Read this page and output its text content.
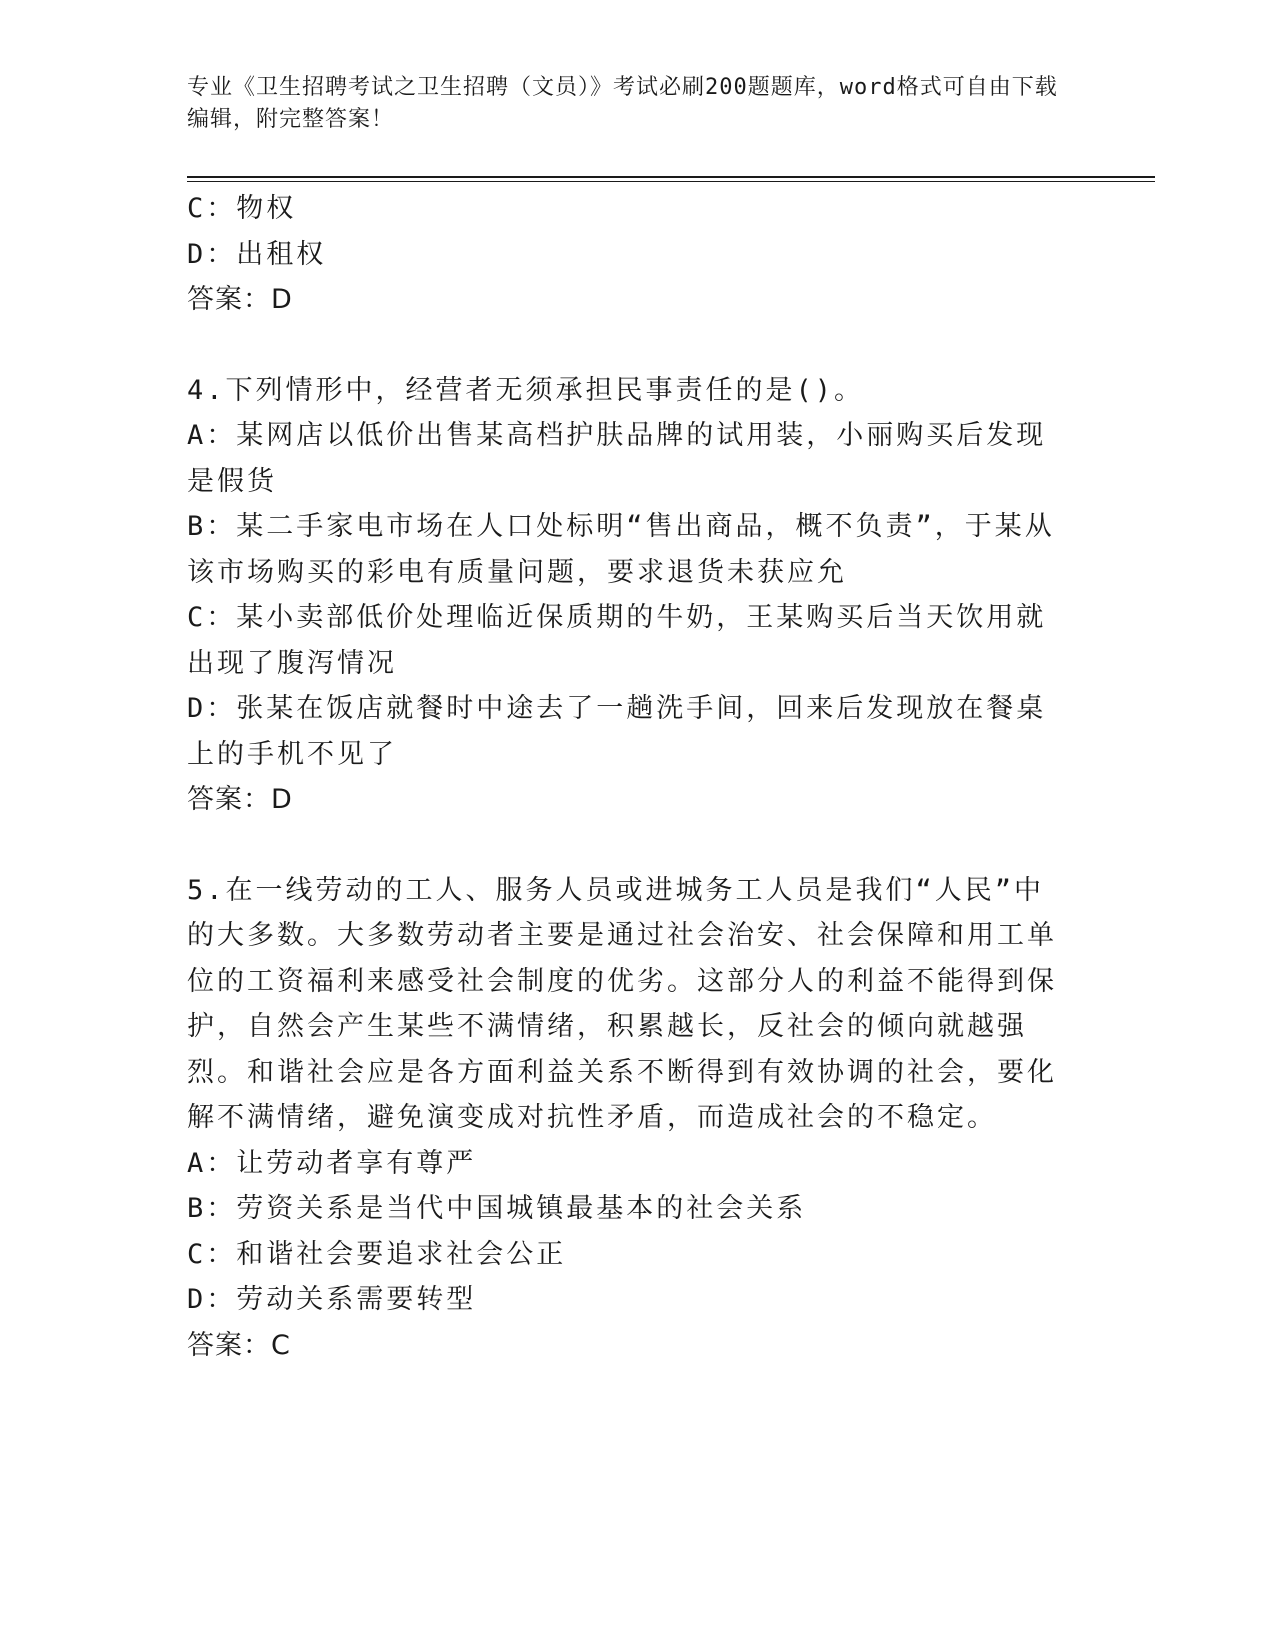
专业《卫生招聘考试之卫生招聘（文员）》考试必刷200题题库，word格式可自由下载编辑，附完整答案！
C：物权
D：出租权
答案：D
4.下列情形中，经营者无须承担民事责任的是()。
A：某网店以低价出售某高档护肤品牌的试用装，小丽购买后发现是假货
B：某二手家电市场在人口处标明“售出商品，概不负责”，于某从该市场购买的彩电有质量问题，要求退货未获应允
C：某小卖部低价处理临近保质期的牛奶，王某购买后当天饮用就出现了腹泻情况
D：张某在饭店就餐时中途去了一趟洗手间，回来后发现放在餐桌上的手机不见了
答案：D
5.在一线劳动的工人、服务人员或进城务工人员是我们“人民”中的大多数。大多数劳动者主要是通过社会治安、社会保障和用工单位的工资福利来感受社会制度的优劣。这部分人的利益不能得到保护，自然会产生某些不满情绪，积累越长，反社会的倾向就越强烈。和谐社会应是各方面利益关系不断得到有效协调的社会，要化解不满情绪，避免演变成对抗性矛盾，而造成社会的不稳定。
A：让劳动者享有尊严
B：劳资关系是当代中国城镇最基本的社会关系
C：和谐社会要追求社会公正
D：劳动关系需要转型
答案：C
